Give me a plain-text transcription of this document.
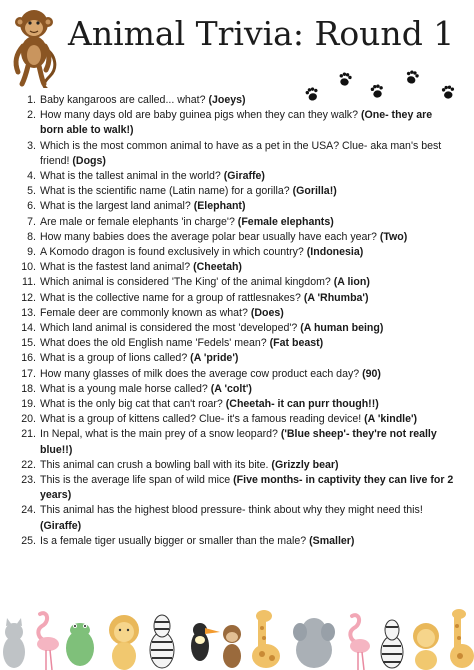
Animal Trivia: Round 1
1. Baby kangaroos are called... what? (Joeys)
2. How many days old are baby guinea pigs when they can they walk? (One- they are born able to walk!)
3. Which is the most common animal to have as a pet in the USA? Clue- aka man's best friend! (Dogs)
4. What is the tallest animal in the world? (Giraffe)
5. What is the scientific name (Latin name) for a gorilla? (Gorilla!)
6. What is the largest land animal? (Elephant)
7. Are male or female elephants 'in charge'? (Female elephants)
8. How many babies does the average polar bear usually have each year? (Two)
9. A Komodo dragon is found exclusively in which country? (Indonesia)
10. What is the fastest land animal? (Cheetah)
11. Which animal is considered 'The King' of the animal kingdom? (A lion)
12. What is the collective name for a group of rattlesnakes? (A 'Rhumba')
13. Female deer are commonly known as what? (Does)
14. Which land animal is considered the most 'developed'? (A human being)
15. What does the old English name 'Fedels' mean? (Fat beast)
16. What is a group of lions called? (A 'pride')
17. How many glasses of milk does the average cow product each day? (90)
18. What is a young male horse called? (A 'colt')
19. What is the only big cat that can't roar? (Cheetah- it can purr though!!)
20. What is a group of kittens called? Clue- it's a famous reading device! (A 'kindle')
21. In Nepal, what is the main prey of a snow leopard? ('Blue sheep'- they're not really blue!!)
22. This animal can crush a bowling ball with its bite. (Grizzly bear)
23. This is the average life span of wild mice (Five months- in captivity they can live for 2 years)
24. This animal has the highest blood pressure- think about why they might need this! (Giraffe)
25. Is a female tiger usually bigger or smaller than the male? (Smaller)
